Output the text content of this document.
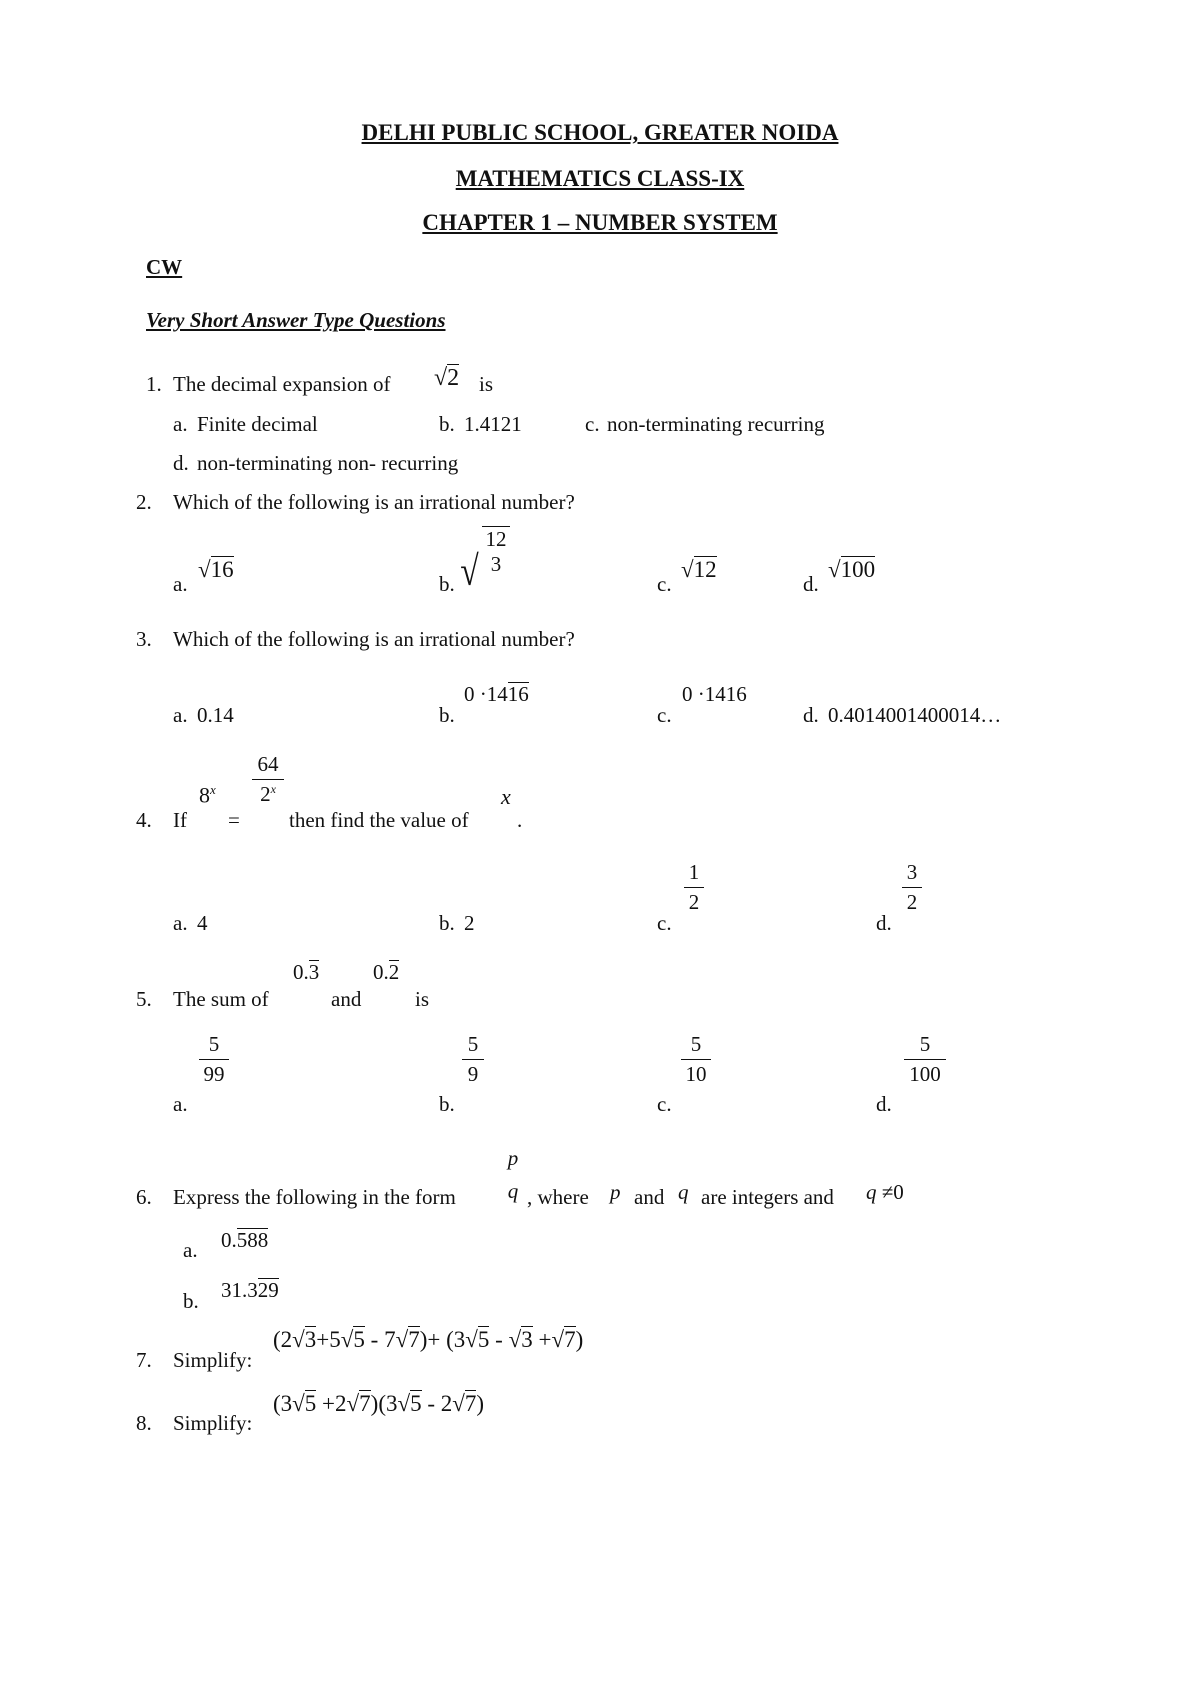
DELHI PUBLIC SCHOOL, GREATER NOIDA
MATHEMATICS CLASS-IX
CHAPTER 1 – NUMBER SYSTEM
CW
Very Short Answer Type Questions
1. The decimal expansion of √2 is
a. Finite decimal	b. 1.4121	c. non-terminating recurring
d. non-terminating non- recurring
2. Which of the following is an irrational number?
a.
√16
b. √
12
3
c.
√12
d.
√100
3. Which of the following is an irrational number?
a. 0.14	b.
0 ·1416
c.
0 ·1416
d. 0.4014001400014…
4. If
$8^x$
=
64
2$^x$
then find the value of
x
.
a. 4	b. 2	c.
1
2
d.
3
2
5. The sum of
0.3
and
0.2
is
a.
5
99
b.
5
9
c.
5
10
d.
5
100
6. Express the following in the form
p
q , where p and q are integers and q ≠0
a. 0.588
b. 31.329
7. Simplify:
(2√3+5√5 - 7√7)+ (3√5 - √3 +√7)
8. Simplify:
(3√5 +2√7)(3√5 - 2√7)
